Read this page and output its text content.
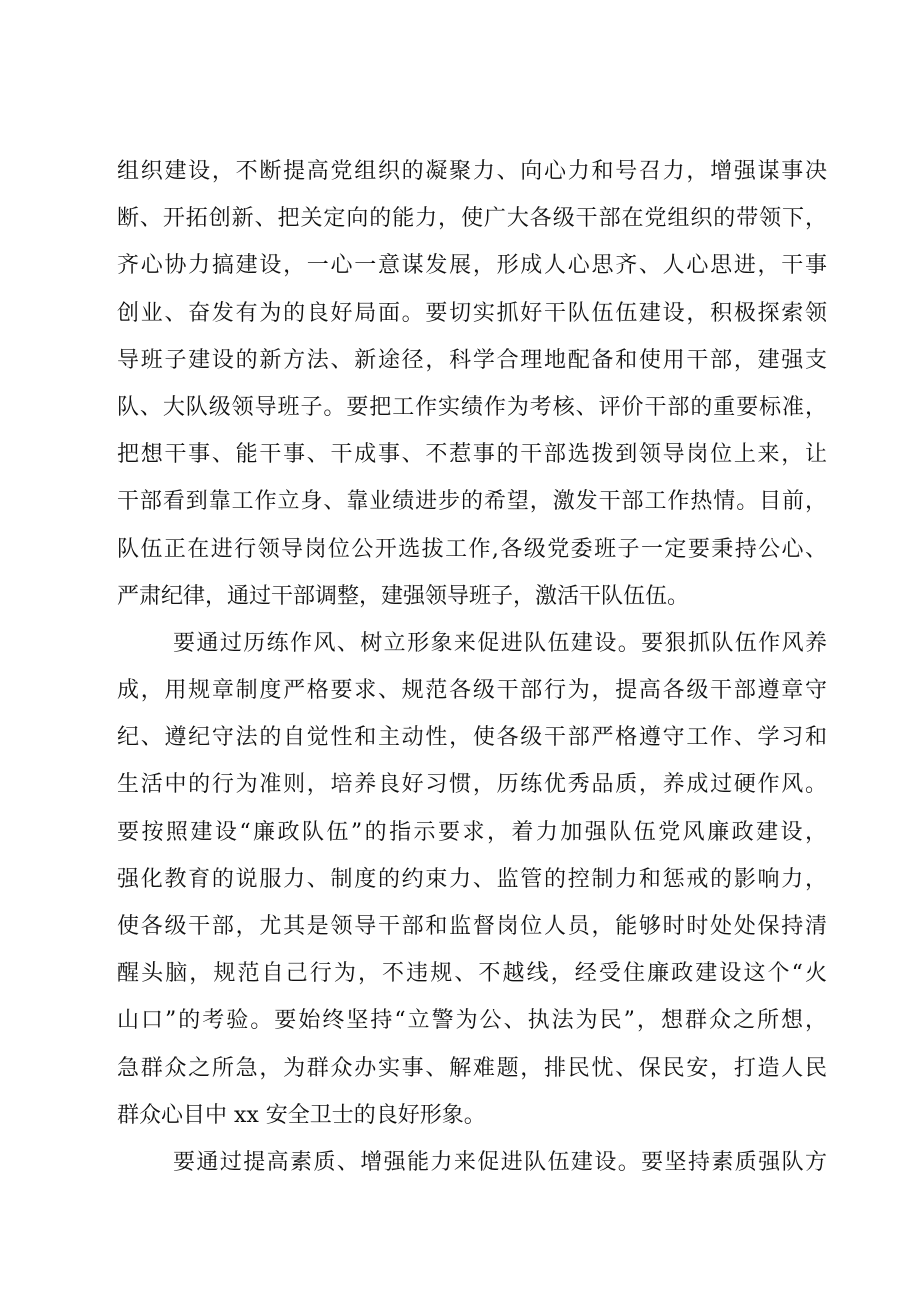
组织建设，不断提高党组织的凝聚力、向心力和号召力，增强谋事决
断、开拓创新、把关定向的能力，使广大各级干部在党组织的带领下，
齐心协力搞建设，一心一意谋发展，形成人心思齐、人心思进，干事
创业、奋发有为的良好局面。要切实抓好干队伍伍建设，积极探索领
导班子建设的新方法、新途径，科学合理地配备和使用干部，建强支
队、大队级领导班子。要把工作实绩作为考核、评价干部的重要标准，
把想干事、能干事、干成事、不惹事的干部选拨到领导岗位上来，让
干部看到靠工作立身、靠业绩进步的希望，激发干部工作热情。目前，
队伍正在进行领导岗位公开选拔工作,各级党委班子一定要秉持公心、
严肃纪律，通过干部调整，建强领导班子，激活干队伍伍。
要通过历练作风、树立形象来促进队伍建设。要狠抓队伍作风养
成，用规章制度严格要求、规范各级干部行为，提高各级干部遵章守
纪、遵纪守法的自觉性和主动性，使各级干部严格遵守工作、学习和
生活中的行为准则，培养良好习惯，历练优秀品质，养成过硬作风。
要按照建设“廉政队伍”的指示要求，着力加强队伍党风廉政建设，
强化教育的说服力、制度的约束力、监管的控制力和惩戒的影响力，
使各级干部，尤其是领导干部和监督岗位人员，能够时时处处保持清
醒头脑，规范自己行为，不违规、不越线，经受住廉政建设这个“火
山口”的考验。要始终坚持“立警为公、执法为民”，想群众之所想，
急群众之所急，为群众办实事、解难题，排民忧、保民安，打造人民
群众心目中 xx 安全卫士的良好形象。
要通过提高素质、增强能力来促进队伍建设。要坚持素质强队方
